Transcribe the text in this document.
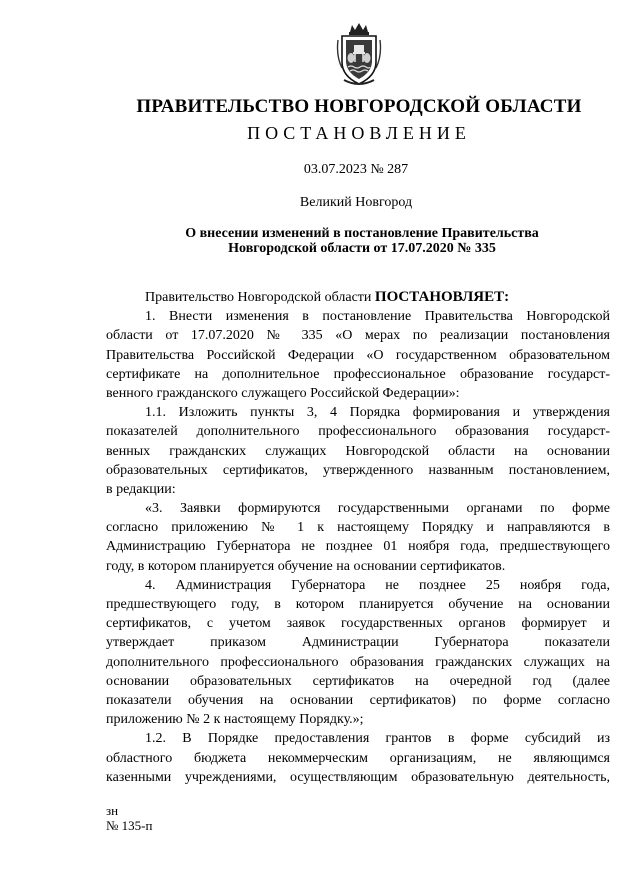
ПРАВИТЕЛЬСТВО НОВГОРОДСКОЙ ОБЛАСТИ
ПОСТАНОВЛЕНИЕ
03.07.2023 № 287
Великий Новгород
О внесении изменений в постановление Правительства
Новгородской области от 17.07.2020 № 335
Правительство Новгородской области ПОСТАНОВЛЯЕТ:
1. Внести изменения в постановление Правительства Новгородской
области от 17.07.2020 № 335 «О мерах по реализации постановления
Правительства Российской Федерации «О государственном образовательном
сертификате на дополнительное профессиональное образование государст-
венного гражданского служащего Российской Федерации»:
1.1. Изложить пункты 3, 4 Порядка формирования и утверждения
показателей дополнительного профессионального образования государст-
венных гражданских служащих Новгородской области на основании
образовательных сертификатов, утвержденного названным постановлением,
в редакции:
«3. Заявки формируются государственными органами по форме
согласно приложению № 1 к настоящему Порядку и направляются в
Администрацию Губернатора не позднее 01 ноября года, предшествующего
году, в котором планируется обучение на основании сертификатов.
4. Администрация Губернатора не позднее 25 ноября года,
предшествующего году, в котором планируется обучение на основании
сертификатов, с учетом заявок государственных органов формирует и
утверждает приказом Администрации Губернатора показатели
дополнительного профессионального образования гражданских служащих на
основании образовательных сертификатов на очередной год (далее
показатели обучения на основании сертификатов) по форме согласно
приложению № 2 к настоящему Порядку.»;
1.2. В Порядке предоставления грантов в форме субсидий из
областного бюджета некоммерческим организациям, не являющимся
казенными учреждениями, осуществляющим образовательную деятельность,
зн
№ 135-п
